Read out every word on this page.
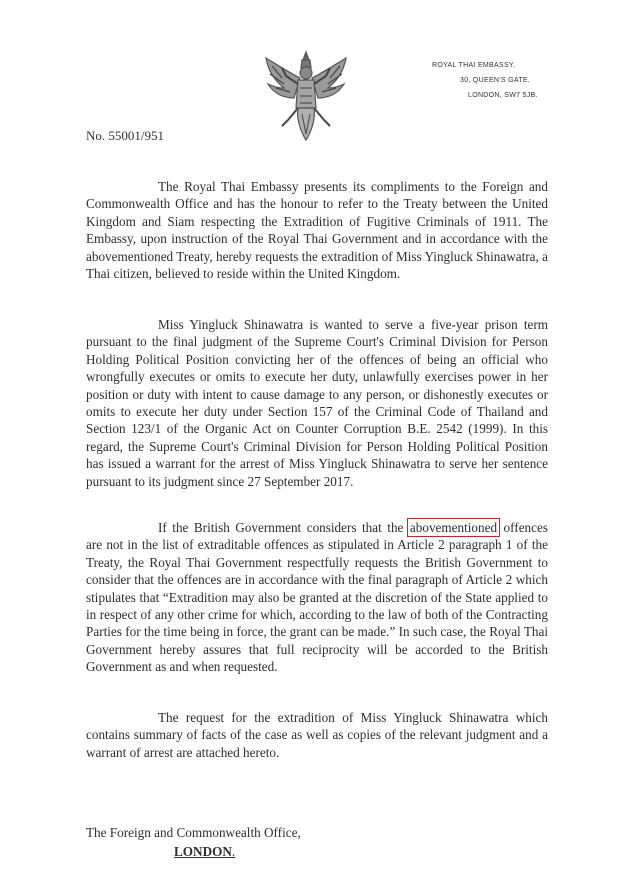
ROYAL THAI EMBASSY,
30, QUEEN'S GATE,
LONDON, SW7 5JB.
No. 55001/951

The Royal Thai Embassy presents its compliments to the Foreign and Commonwealth Office and has the honour to refer to the Treaty between the United Kingdom and Siam respecting the Extradition of Fugitive Criminals of 1911. The Embassy, upon instruction of the Royal Thai Government and in accordance with the abovementioned Treaty, hereby requests the extradition of Miss Yingluck Shinawatra, a Thai citizen, believed to reside within the United Kingdom.

Miss Yingluck Shinawatra is wanted to serve a five-year prison term pursuant to the final judgment of the Supreme Court's Criminal Division for Person Holding Political Position convicting her of the offences of being an official who wrongfully executes or omits to execute her duty, unlawfully exercises power in her position or duty with intent to cause damage to any person, or dishonestly executes or omits to execute her duty under Section 157 of the Criminal Code of Thailand and Section 123/1 of the Organic Act on Counter Corruption B.E. 2542 (1999). In this regard, the Supreme Court's Criminal Division for Person Holding Political Position has issued a warrant for the arrest of Miss Yingluck Shinawatra to serve her sentence pursuant to its judgment since 27 September 2017.

If the British Government considers that the abovementioned offences are not in the list of extraditable offences as stipulated in Article 2 paragraph 1 of the Treaty, the Royal Thai Government respectfully requests the British Government to consider that the offences are in accordance with the final paragraph of Article 2 which stipulates that “Extradition may also be granted at the discretion of the State applied to in respect of any other crime for which, according to the law of both of the Contracting Parties for the time being in force, the grant can be made.” In such case, the Royal Thai Government hereby assures that full reciprocity will be accorded to the British Government as and when requested.

The request for the extradition of Miss Yingluck Shinawatra which contains summary of facts of the case as well as copies of the relevant judgment and a warrant of arrest are attached hereto.

The Foreign and Commonwealth Office,
LONDON.
